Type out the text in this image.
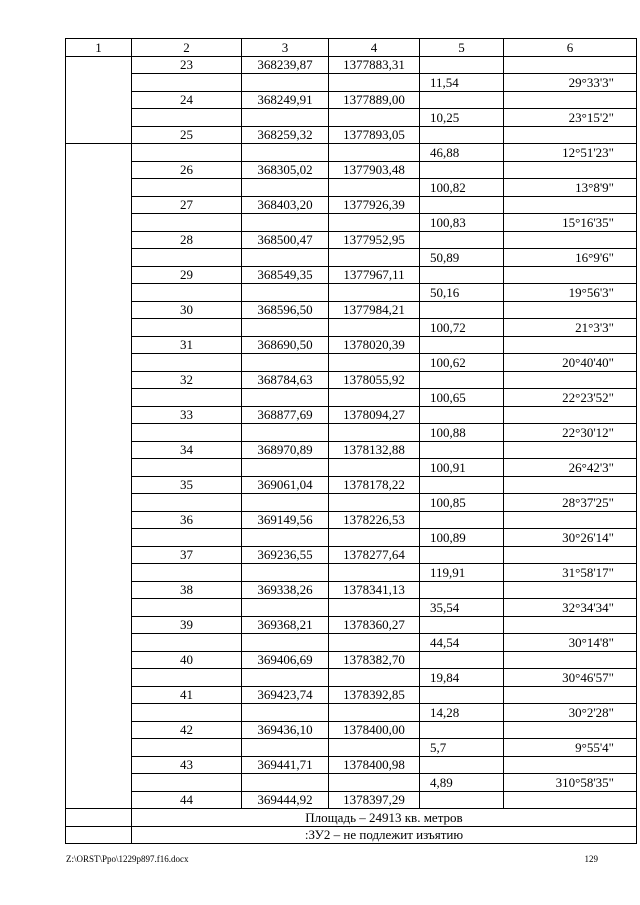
1	2	3	4	5	6
	23	368239,87	1377883,31		
				11,54	29°33'3"
	24	368249,91	1377889,00		
				10,25	23°15'2"
	25	368259,32	1377893,05		
				46,88	12°51'23"
	26	368305,02	1377903,48		
				100,82	13°8'9"
	27	368403,20	1377926,39		
				100,83	15°16'35"
	28	368500,47	1377952,95		
				50,89	16°9'6"
	29	368549,35	1377967,11		
				50,16	19°56'3"
	30	368596,50	1377984,21		
				100,72	21°3'3"
	31	368690,50	1378020,39		
				100,62	20°40'40"
	32	368784,63	1378055,92		
				100,65	22°23'52"
	33	368877,69	1378094,27		
				100,88	22°30'12"
	34	368970,89	1378132,88		
				100,91	26°42'3"
	35	369061,04	1378178,22		
				100,85	28°37'25"
	36	369149,56	1378226,53		
				100,89	30°26'14"
	37	369236,55	1378277,64		
				119,91	31°58'17"
	38	369338,26	1378341,13		
				35,54	32°34'34"
	39	369368,21	1378360,27		
				44,54	30°14'8"
	40	369406,69	1378382,70		
				19,84	30°46'57"
	41	369423,74	1378392,85		
				14,28	30°2'28"
	42	369436,10	1378400,00		
				5,7	9°55'4"
	43	369441,71	1378400,98		
				4,89	310°58'35"
	44	369444,92	1378397,29		
	Площадь – 24913 кв. метров				
	:ЗУ2 – не подлежит изъятию				
Z:\ORST\Ppo\1229p897.f16.docx	129
